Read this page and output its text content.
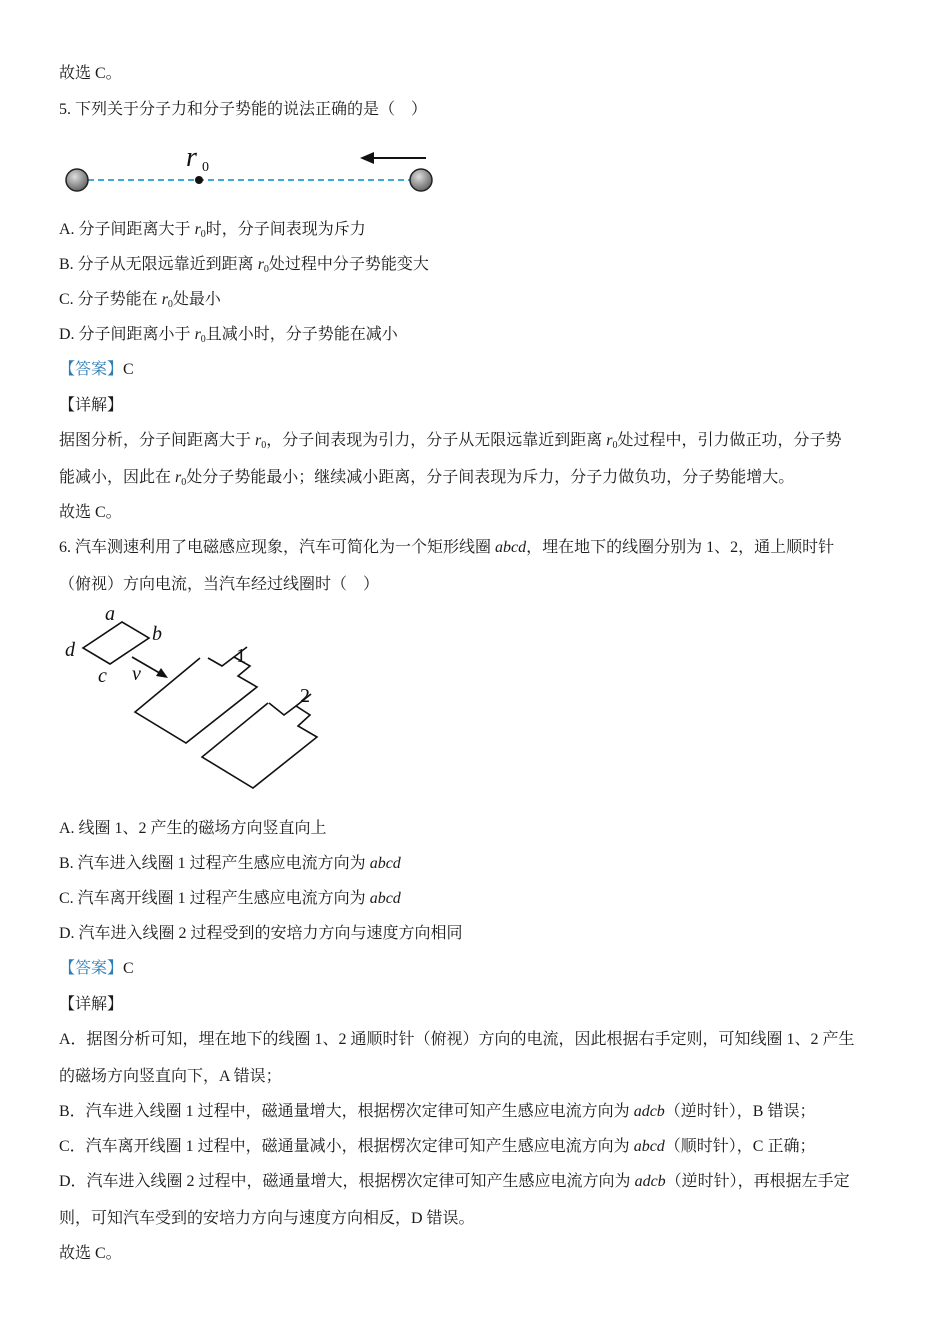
故选 C。
5. 下列关于分子力和分子势能的说法正确的是（　）
r 0
A. 分子间距离大于 $r_0$时，分子间表现为斥力
B. 分子从无限远靠近到距离 $r_0$处过程中分子势能变大
C. 分子势能在 $r_0$处最小
D. 分子间距离小于 $r_0$且减小时，分子势能在减小
【答案】C
【详解】
据图分析，分子间距离大于 $r_0$，分子间表现为引力，分子从无限远靠近到距离 $r_0$处过程中，引力做正功，分子势
能减小，因此在 $r_0$处分子势能最小；继续减小距离，分子间表现为斥力，分子力做负功，分子势能增大。
故选 C。
6. 汽车测速利用了电磁感应现象，汽车可简化为一个矩形线圈 abcd，埋在地下的线圈分别为 1、2，通上顺时针
（俯视）方向电流，当汽车经过线圈时（　）
a
b
c
d
v
1
2
A. 线圈 1、2 产生的磁场方向竖直向上
B. 汽车进入线圈 1 过程产生感应电流方向为 abcd
C. 汽车离开线圈 1 过程产生感应电流方向为 abcd
D. 汽车进入线圈 2 过程受到的安培力方向与速度方向相同
【答案】C
【详解】
A．据图分析可知，埋在地下的线圈 1、2 通顺时针（俯视）方向的电流，因此根据右手定则，可知线圈 1、2 产生
的磁场方向竖直向下，A 错误；
B．汽车进入线圈 1 过程中，磁通量增大，根据楞次定律可知产生感应电流方向为 adcb（逆时针），B 错误；
C．汽车离开线圈 1 过程中，磁通量减小，根据楞次定律可知产生感应电流方向为 abcd（顺时针），C 正确；
D．汽车进入线圈 2 过程中，磁通量增大，根据楞次定律可知产生感应电流方向为 adcb（逆时针），再根据左手定
则，可知汽车受到的安培力方向与速度方向相反，D 错误。
故选 C。
